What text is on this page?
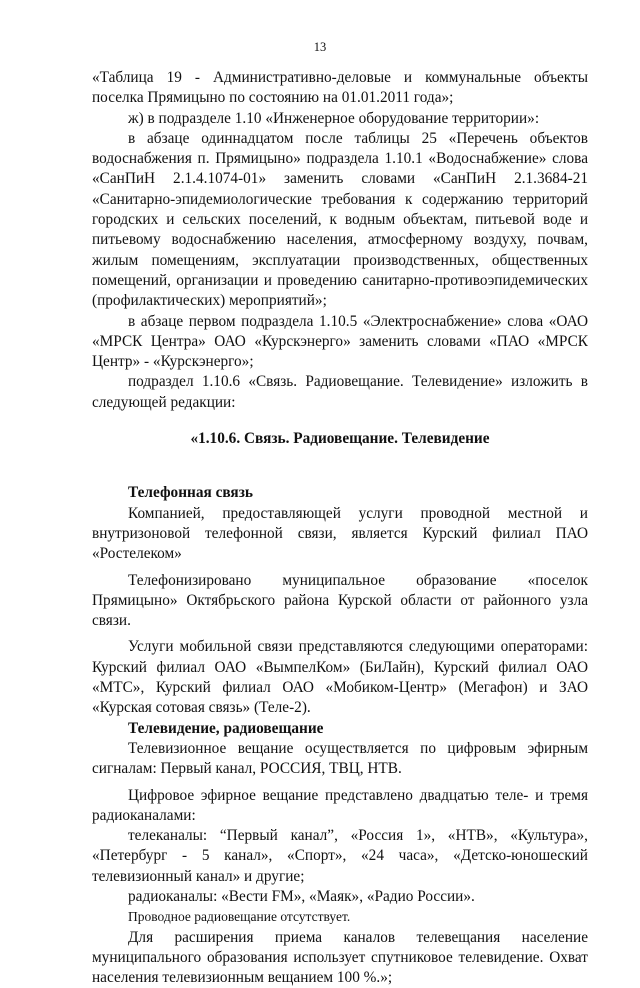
13

«Таблица 19 - Административно-деловые и коммунальные объекты поселка Прямицыно по состоянию на 01.01.2011 года»;

ж) в подразделе 1.10 «Инженерное оборудование территории»:

в абзаце одиннадцатом после таблицы 25 «Перечень объектов водоснабжения п. Прямицыно» подраздела 1.10.1 «Водоснабжение» слова «СанПиН 2.1.4.1074-01» заменить словами «СанПиН 2.1.3684-21 «Санитарно-эпидемиологические требования к содержанию территорий городских и сельских поселений, к водным объектам, питьевой воде и питьевому водоснабжению населения, атмосферному воздуху, почвам, жилым помещениям, эксплуатации производственных, общественных помещений, организации и проведению санитарно-противоэпидемических (профилактических) мероприятий»;

в абзаце первом подраздела 1.10.5 «Электроснабжение» слова «ОАО «МРСК Центра» ОАО «Курскэнерго» заменить словами «ПАО «МРСК Центр» - «Курскэнерго»;

подраздел 1.10.6 «Связь. Радиовещание. Телевидение» изложить в следующей редакции:

«1.10.6. Связь. Радиовещание. Телевидение

Телефонная связь

Компанией, предоставляющей услуги проводной местной и внутризоновой телефонной связи, является Курский филиал ПАО «Ростелеком»

Телефонизировано муниципальное образование «поселок Прямицыно» Октябрьского района Курской области от районного узла связи.

Услуги мобильной связи представляются следующими операторами: Курский филиал ОАО «ВымпелКом» (БиЛайн), Курский филиал ОАО «МТС», Курский филиал ОАО «Мобиком-Центр» (Мегафон) и ЗАО «Курская сотовая связь» (Теле-2).

Телевидение, радиовещание

Телевизионное вещание осуществляется по цифровым эфирным сигналам: Первый канал, РОССИЯ, ТВЦ, НТВ.

Цифровое эфирное вещание представлено двадцатью теле- и тремя радиоканалами:

телеканалы: “Первый канал”, «Россия 1», «НТВ», «Культура», «Петербург - 5 канал», «Спорт», «24 часа», «Детско-юношеский телевизионный канал» и другие;

радиоканалы: «Вести FM», «Маяк», «Радио России».

Проводное радиовещание отсутствует.

Для расширения приема каналов телевещания население муниципального образования использует спутниковое телевидение. Охват населения телевизионным вещанием 100 %.»;
